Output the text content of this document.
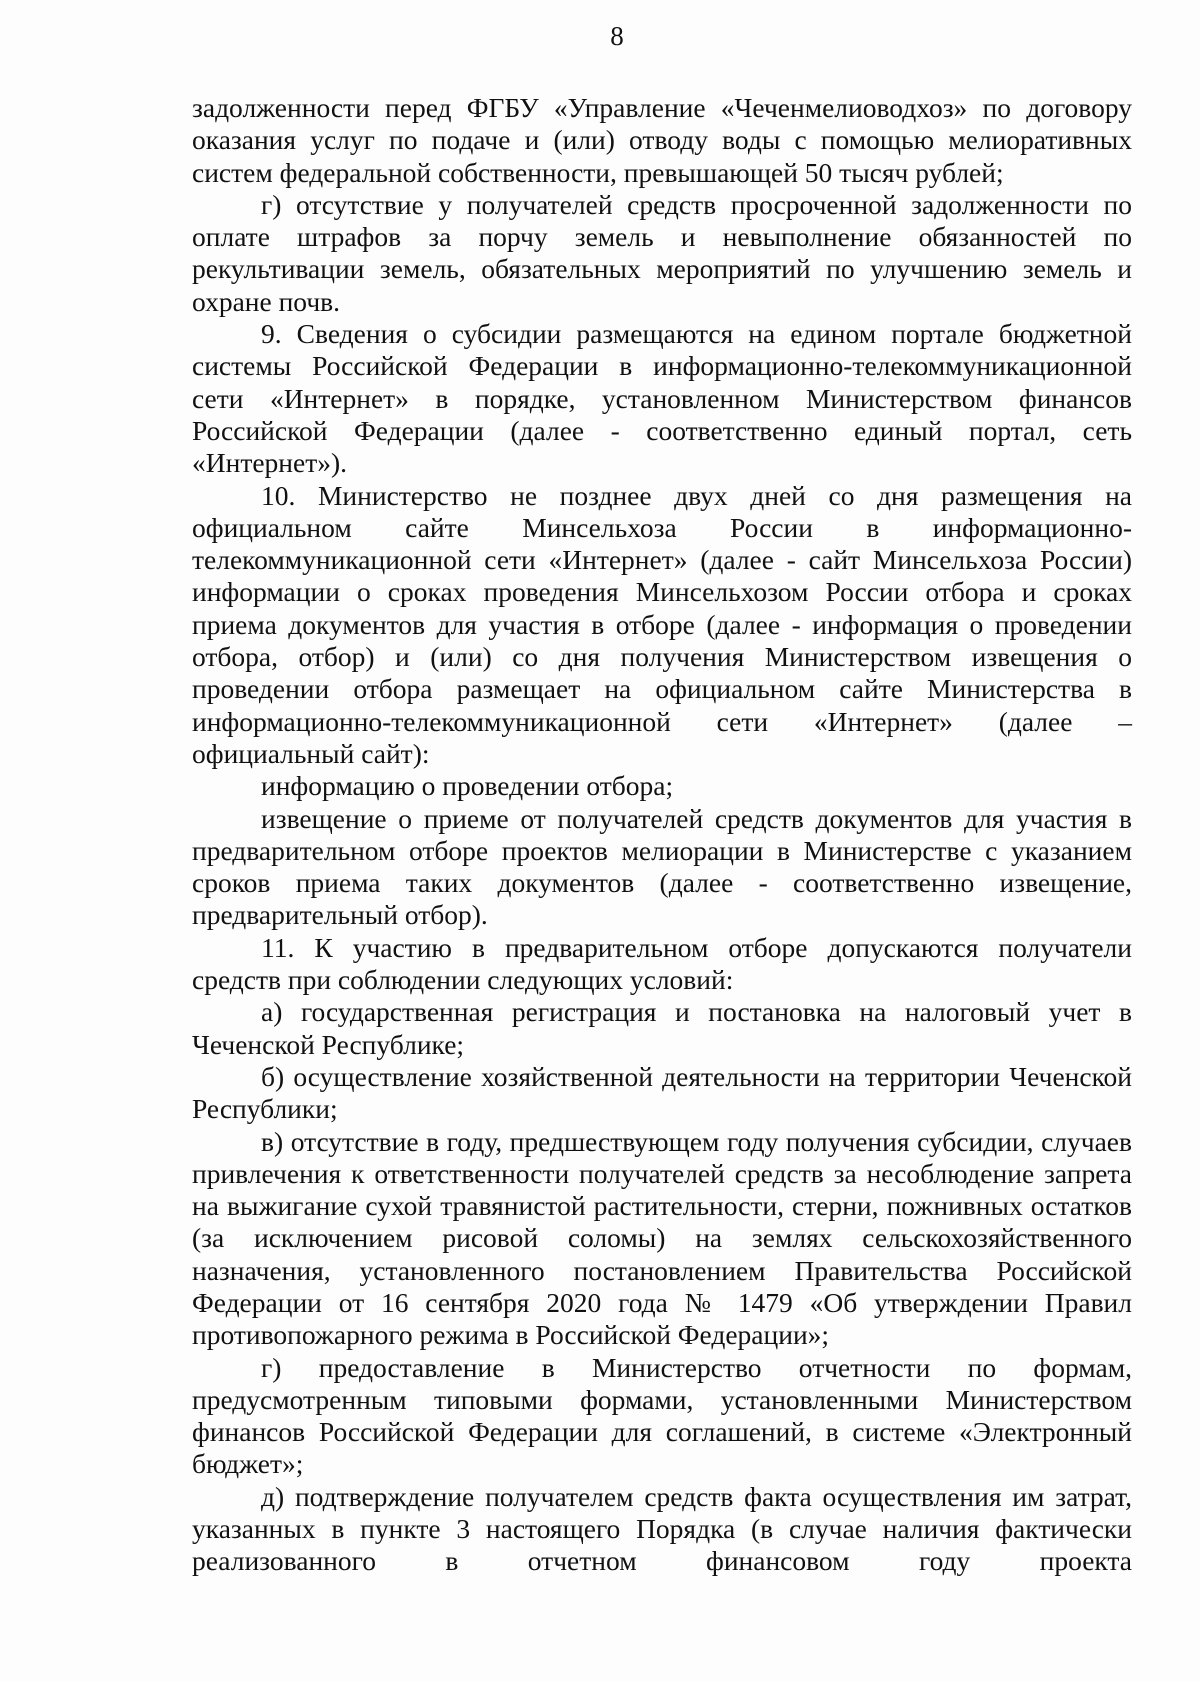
8

задолженности перед ФГБУ «Управление «Чеченмелиоводхоз» по договору оказания услуг по подаче и (или) отводу воды с помощью мелиоративных систем федеральной собственности, превышающей 50 тысяч рублей;

г) отсутствие у получателей средств просроченной задолженности по оплате штрафов за порчу земель и невыполнение обязанностей по рекультивации земель, обязательных мероприятий по улучшению земель и охране почв.

9. Сведения о субсидии размещаются на едином портале бюджетной системы Российской Федерации в информационно-телекоммуникационной сети «Интернет» в порядке, установленном Министерством финансов Российской Федерации (далее - соответственно единый портал, сеть «Интернет»).

10. Министерство не позднее двух дней со дня размещения на официальном сайте Минсельхоза России в информационно-телекоммуникационной сети «Интернет» (далее - сайт Минсельхоза России) информации о сроках проведения Минсельхозом России отбора и сроках приема документов для участия в отборе (далее - информация о проведении отбора, отбор) и (или) со дня получения Министерством извещения о проведении отбора размещает на официальном сайте Министерства в информационно-телекоммуникационной сети «Интернет» (далее – официальный сайт):

информацию о проведении отбора;

извещение о приеме от получателей средств документов для участия в предварительном отборе проектов мелиорации в Министерстве с указанием сроков приема таких документов (далее - соответственно извещение, предварительный отбор).

11. К участию в предварительном отборе допускаются получатели средств при соблюдении следующих условий:

а) государственная регистрация и постановка на налоговый учет в Чеченской Республике;

б) осуществление хозяйственной деятельности на территории Чеченской Республики;

в) отсутствие в году, предшествующем году получения субсидии, случаев привлечения к ответственности получателей средств за несоблюдение запрета на выжигание сухой травянистой растительности, стерни, пожнивных остатков (за исключением рисовой соломы) на землях сельскохозяйственного назначения, установленного постановлением Правительства Российской Федерации от 16 сентября 2020 года № 1479 «Об утверждении Правил противопожарного режима в Российской Федерации»;

г) предоставление в Министерство отчетности по формам, предусмотренным типовыми формами, установленными Министерством финансов Российской Федерации для соглашений, в системе «Электронный бюджет»;

д) подтверждение получателем средств факта осуществления им затрат, указанных в пункте 3 настоящего Порядка (в случае наличия фактически реализованного в отчетном финансовом году проекта
